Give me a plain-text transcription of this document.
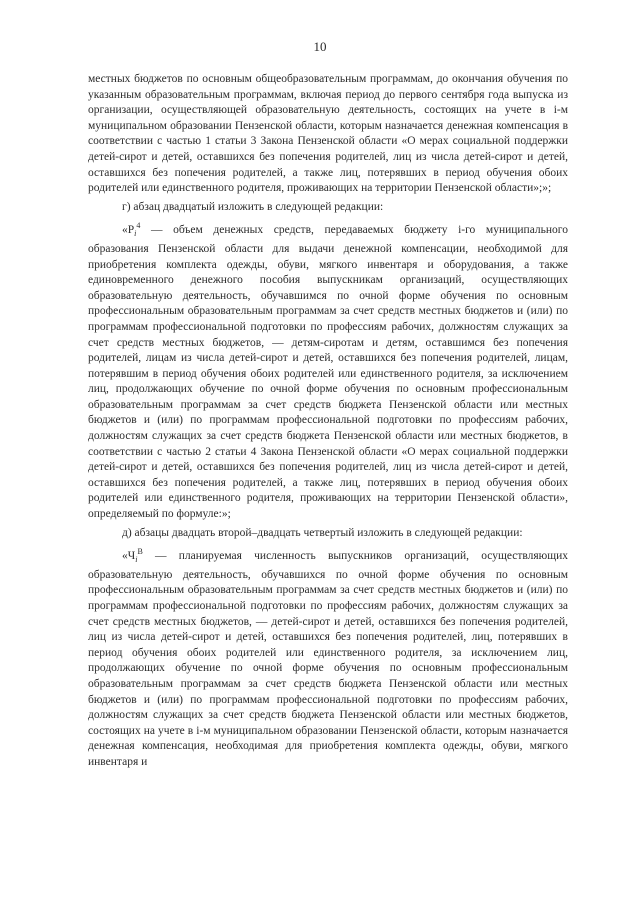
10

местных бюджетов по основным общеобразовательным программам, до окончания обучения по указанным образовательным программам, включая период до первого сентября года выпуска из организации, осуществляющей образовательную деятельность, состоящих на учете в i-м муниципальном образовании Пензенской области, которым назначается денежная компенсация в соответствии с частью 1 статьи 3 Закона Пензенской области «О мерах социальной поддержки детей-сирот и детей, оставшихся без попечения родителей, лиц из числа детей-сирот и детей, оставшихся без попечения родителей, а также лиц, потерявших в период обучения обоих родителей или единственного родителя, проживающих на территории Пензенской области»;»;

г) абзац двадцатый изложить в следующей редакции:

«$Р_i^4$ — объем денежных средств, передаваемых бюджету i-го муниципального образования Пензенской области для выдачи денежной компенсации, необходимой для приобретения комплекта одежды, обуви, мягкого инвентаря и оборудования, а также единовременного денежного пособия выпускникам организаций, осуществляющих образовательную деятельность, обучавшимся по очной форме обучения по основным профессиональным образовательным программам за счет средств местных бюджетов и (или) по программам профессиональной подготовки по профессиям рабочих, должностям служащих за счет средств местных бюджетов, — детям-сиротам и детям, оставшимся без попечения родителей, лицам из числа детей-сирот и детей, оставшихся без попечения родителей, лицам, потерявшим в период обучения обоих родителей или единственного родителя, за исключением лиц, продолжающих обучение по очной форме обучения по основным профессиональным образовательным программам за счет средств бюджета Пензенской области или местных бюджетов и (или) по программам профессиональной подготовки по профессиям рабочих, должностям служащих за счет средств бюджета Пензенской области или местных бюджетов, в соответствии с частью 2 статьи 4 Закона Пензенской области «О мерах социальной поддержки детей-сирот и детей, оставшихся без попечения родителей, лиц из числа детей-сирот и детей, оставшихся без попечения родителей, а также лиц, потерявших в период обучения обоих родителей или единственного родителя, проживающих на территории Пензенской области», определяемый по формуле:»;

д) абзацы двадцать второй–двадцать четвертый изложить в следующей редакции:

«$Ч_i^В$ — планируемая численность выпускников организаций, осуществляющих образовательную деятельность, обучавшихся по очной форме обучения по основным профессиональным образовательным программам за счет средств местных бюджетов и (или) по программам профессиональной подготовки по профессиям рабочих, должностям служащих за счет средств местных бюджетов, — детей-сирот и детей, оставшихся без попечения родителей, лиц из числа детей-сирот и детей, оставшихся без попечения родителей, лиц, потерявших в период обучения обоих родителей или единственного родителя, за исключением лиц, продолжающих обучение по очной форме обучения по основным профессиональным образовательным программам за счет средств бюджета Пензенской области или местных бюджетов и (или) по программам профессиональной подготовки по профессиям рабочих, должностям служащих за счет средств бюджета Пензенской области или местных бюджетов, состоящих на учете в i-м муниципальном образовании Пензенской области, которым назначается денежная компенсация, необходимая для приобретения комплекта одежды, обуви, мягкого инвентаря и
